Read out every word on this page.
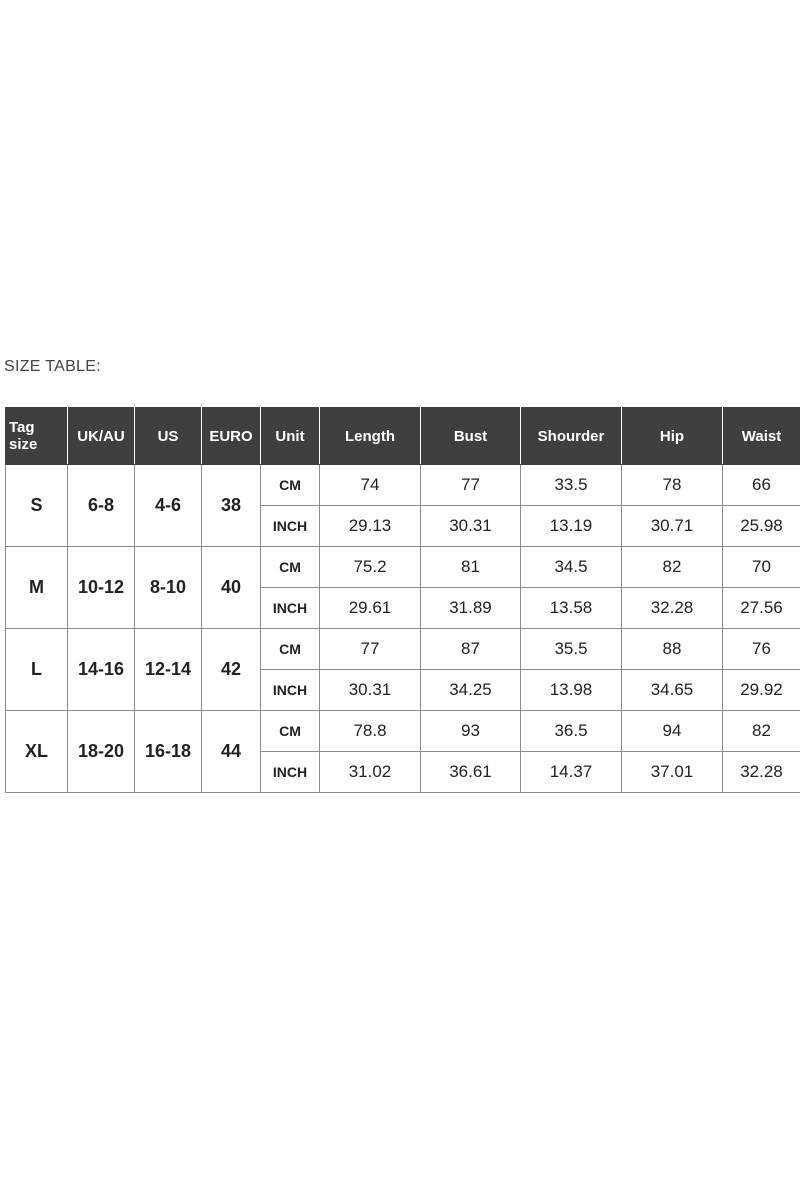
SIZE TABLE:
Tag size	UK/AU	US	EURO	Unit	Length	Bust	Shourder	Hip	Waist
S	6-8	4-6	38	CM	74	77	33.5	78	66
				INCH	29.13	30.31	13.19	30.71	25.98
M	10-12	8-10	40	CM	75.2	81	34.5	82	70
				INCH	29.61	31.89	13.58	32.28	27.56
L	14-16	12-14	42	CM	77	87	35.5	88	76
				INCH	30.31	34.25	13.98	34.65	29.92
XL	18-20	16-18	44	CM	78.8	93	36.5	94	82
				INCH	31.02	36.61	14.37	37.01	32.28
